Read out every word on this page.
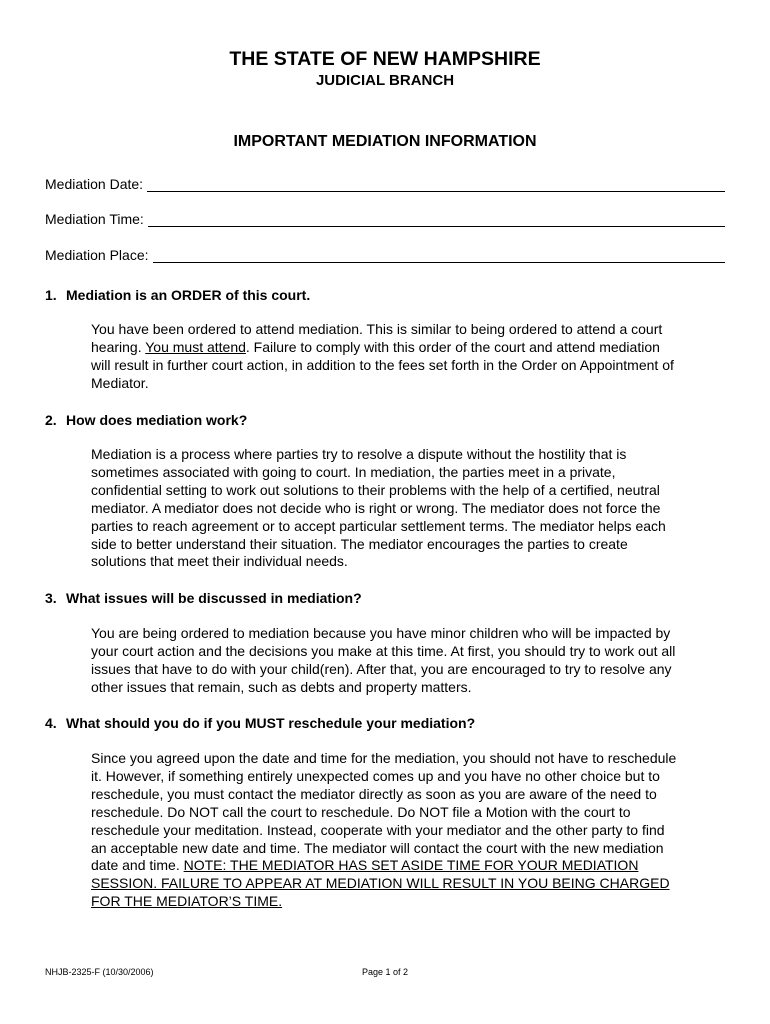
THE STATE OF NEW HAMPSHIRE
JUDICIAL BRANCH
IMPORTANT MEDIATION INFORMATION
Mediation Date:
Mediation Time:
Mediation Place:
1. Mediation is an ORDER of this court.
You have been ordered to attend mediation. This is similar to being ordered to attend a court
hearing. You must attend. Failure to comply with this order of the court and attend mediation
will result in further court action, in addition to the fees set forth in the Order on Appointment of
Mediator.
2. How does mediation work?
Mediation is a process where parties try to resolve a dispute without the hostility that is
sometimes associated with going to court. In mediation, the parties meet in a private,
confidential setting to work out solutions to their problems with the help of a certified, neutral
mediator. A mediator does not decide who is right or wrong. The mediator does not force the
parties to reach agreement or to accept particular settlement terms. The mediator helps each
side to better understand their situation. The mediator encourages the parties to create
solutions that meet their individual needs.
3. What issues will be discussed in mediation?
You are being ordered to mediation because you have minor children who will be impacted by
your court action and the decisions you make at this time. At first, you should try to work out all
issues that have to do with your child(ren). After that, you are encouraged to try to resolve any
other issues that remain, such as debts and property matters.
4. What should you do if you MUST reschedule your mediation?
Since you agreed upon the date and time for the mediation, you should not have to reschedule
it. However, if something entirely unexpected comes up and you have no other choice but to
reschedule, you must contact the mediator directly as soon as you are aware of the need to
reschedule. Do NOT call the court to reschedule. Do NOT file a Motion with the court to
reschedule your meditation. Instead, cooperate with your mediator and the other party to find
an acceptable new date and time. The mediator will contact the court with the new mediation
date and time. NOTE: THE MEDIATOR HAS SET ASIDE TIME FOR YOUR MEDIATION
SESSION. FAILURE TO APPEAR AT MEDIATION WILL RESULT IN YOU BEING CHARGED
FOR THE MEDIATOR’S TIME.
NHJB-2325-F (10/30/2006)	Page 1 of 2
